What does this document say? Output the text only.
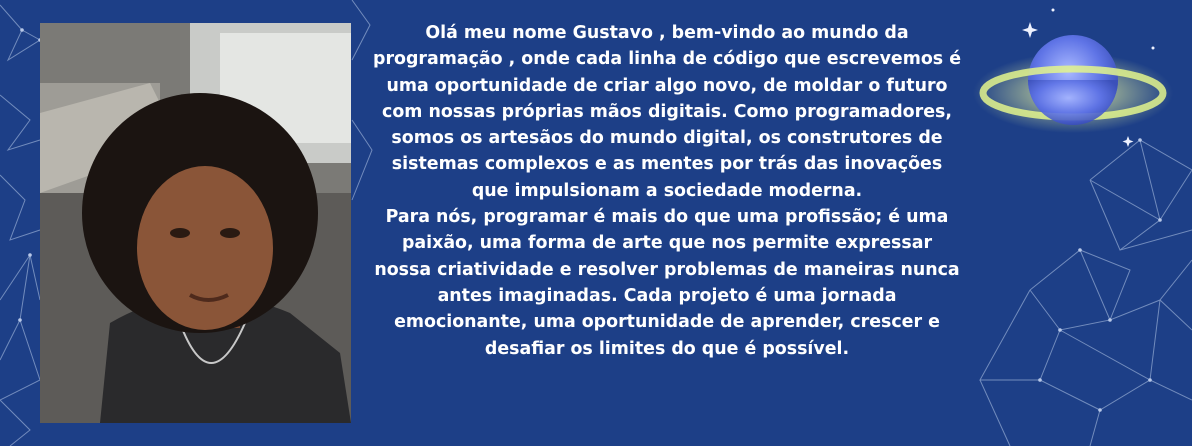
Olá meu nome Gustavo , bem-vindo ao mundo da programação , onde cada linha de código que escrevemos é uma oportunidade de criar algo novo, de moldar o futuro com nossas próprias mãos digitais. Como programadores, somos os artesãos do mundo digital, os construtores de sistemas complexos e as mentes por trás das inovações que impulsionam a sociedade moderna.

Para nós, programar é mais do que uma profissão; é uma paixão, uma forma de arte que nos permite expressar nossa criatividade e resolver problemas de maneiras nunca antes imaginadas. Cada projeto é uma jornada emocionante, uma oportunidade de aprender, crescer e desafiar os limites do que é possível.
